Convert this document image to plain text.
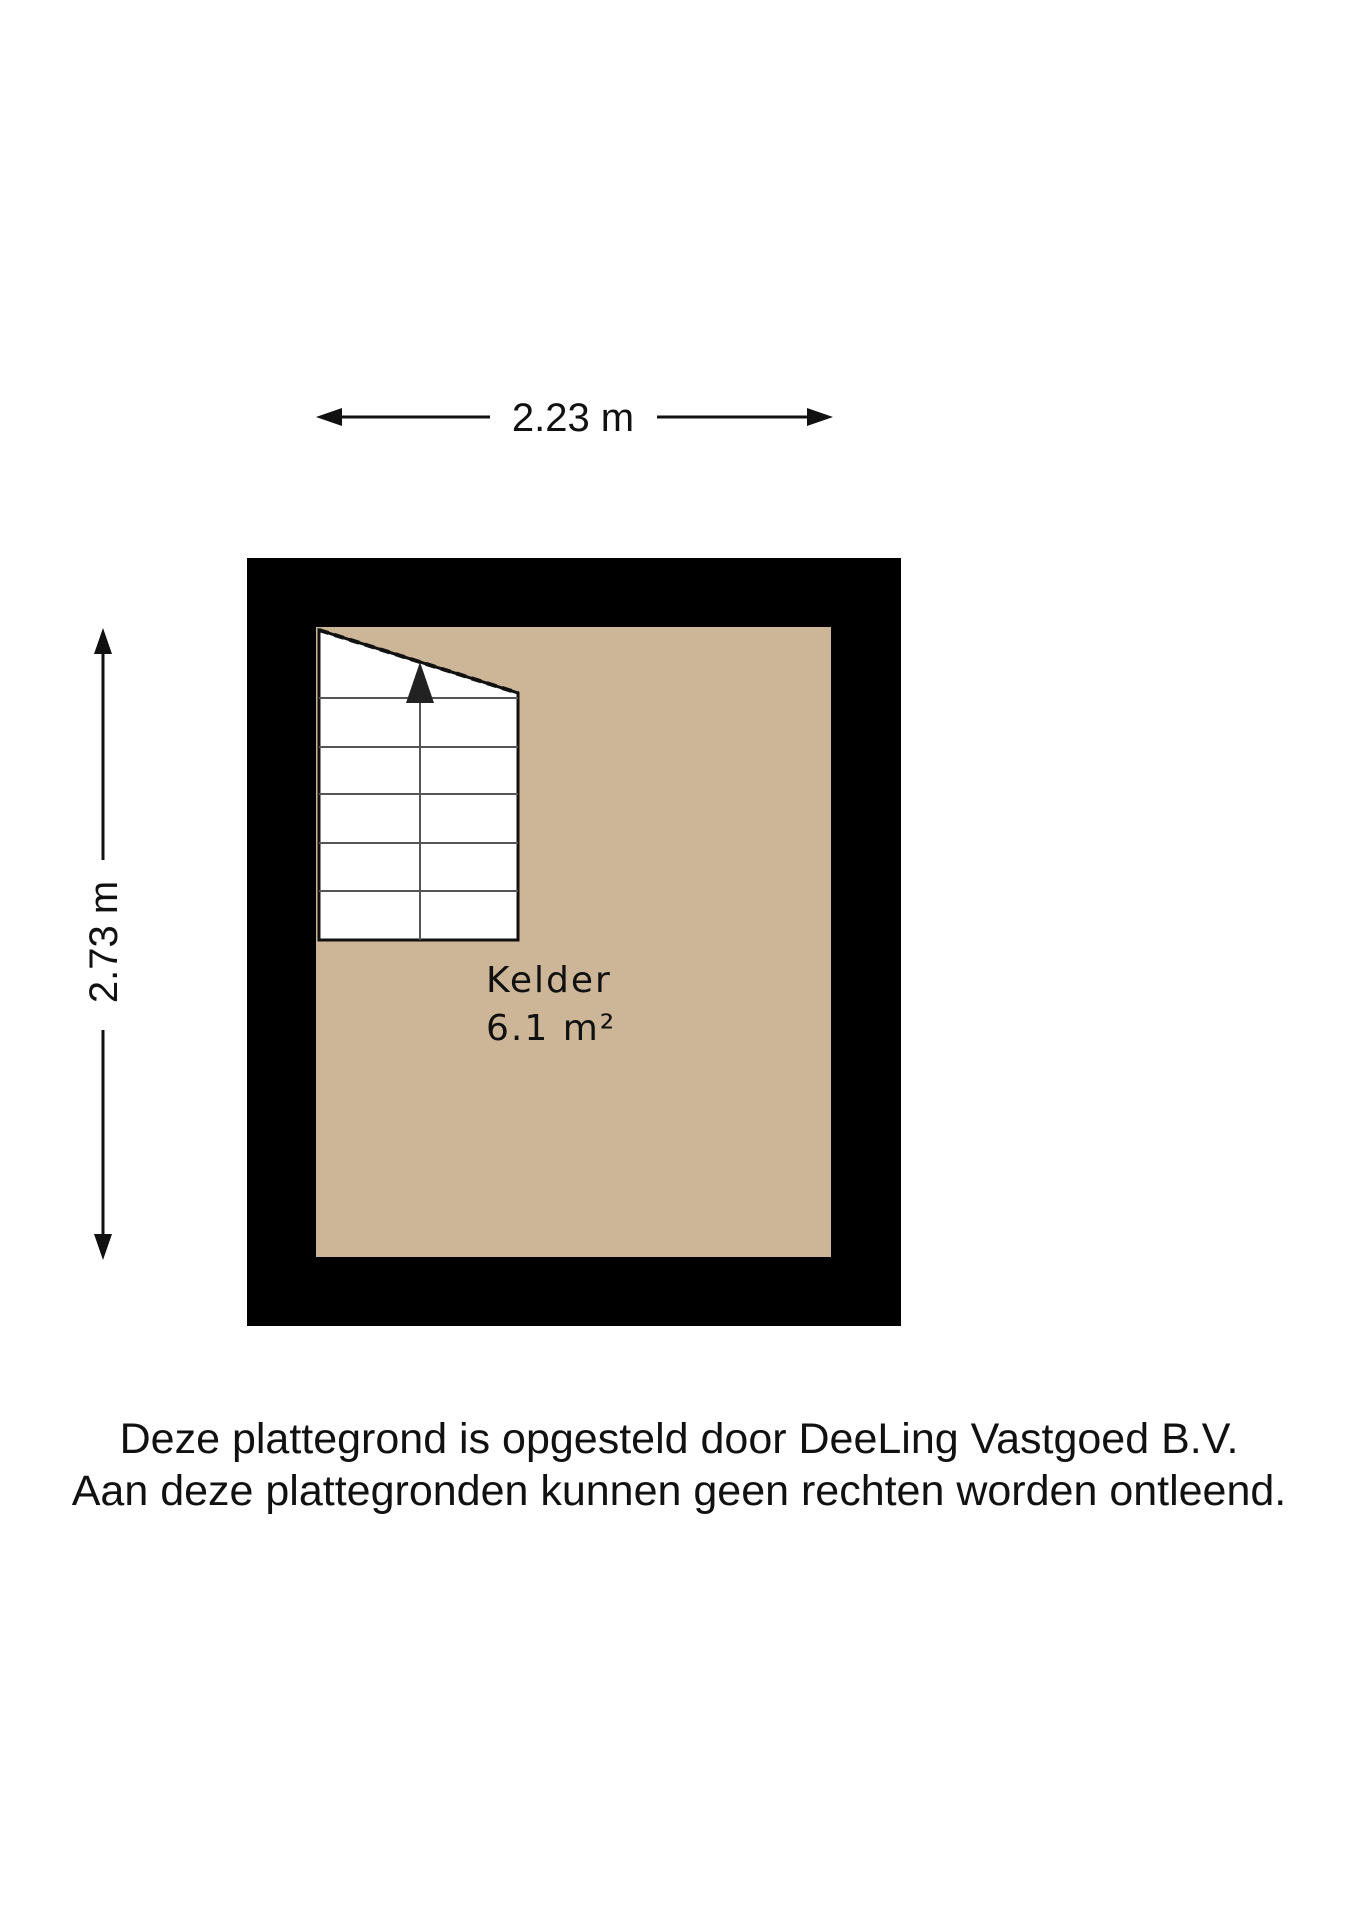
2.23 m
2.73 m	Kelder
6.1 m²
Deze plattegrond is opgesteld door DeeLing Vastgoed B.V.
Aan deze plattegronden kunnen geen rechten worden ontleend.
